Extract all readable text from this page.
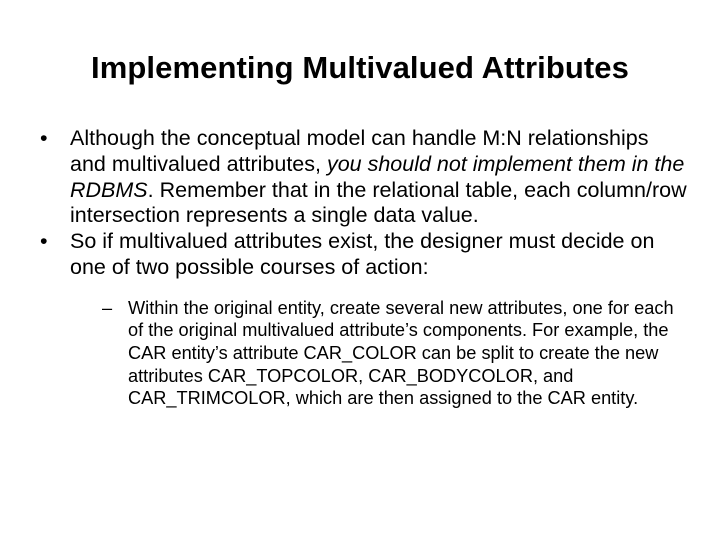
Implementing Multivalued Attributes
•	Although the conceptual model can handle M:N relationships and multivalued attributes, you should not implement them in the RDBMS. Remember that in the relational table, each column/row intersection represents a single data value.
•	So if multivalued attributes exist, the designer must decide on one of two possible courses of action:
– Within the original entity, create several new attributes, one for each of the original multivalued attribute’s components. For example, the CAR entity’s attribute CAR_COLOR can be split to create the new attributes CAR_TOPCOLOR, CAR_BODYCOLOR, and CAR_TRIMCOLOR, which are then assigned to the CAR entity.
